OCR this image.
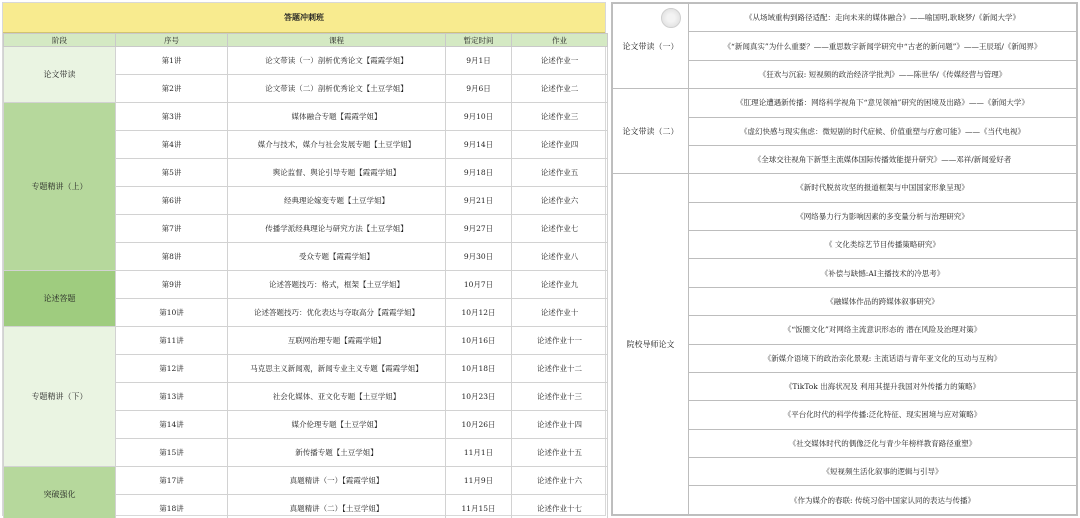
答题冲刺班
阶段	序号	课程	暂定时间	作业
论文带读	第1讲	论文带读（一）剖析优秀论文【霞霞学姐】	9月1日	论述作业一
	第2讲	论文带读（二）剖析优秀论文【土豆学姐】	9月6日	论述作业二
专题精讲（上）	第3讲	媒体融合专题【霞霞学姐】	9月10日	论述作业三
	第4讲	媒介与技术，媒介与社会发展专题【土豆学姐】	9月14日	论述作业四
	第5讲	舆论监督、舆论引导专题【霞霞学姐】	9月18日	论述作业五
	第6讲	经典理论嫁变专题【土豆学姐】	9月21日	论述作业六
	第7讲	传播学派经典理论与研究方法【土豆学姐】	9月27日	论述作业七
	第8讲	受众专题【霞霞学姐】	9月30日	论述作业八
论述答题	第9讲	论述答题技巧：格式，框架【土豆学姐】	10月7日	论述作业九
	第10讲	论述答题技巧：优化表达与夺取高分【霞霞学姐】	10月12日	论述作业十
专题精讲（下）	第11讲	互联网治理专题【霞霞学姐】	10月16日	论述作业十一
	第12讲	马克思主义新闻观，新闻专业主义专题【霞霞学姐】	10月18日	论述作业十二
	第13讲	社会化媒体、亚文化专题【土豆学姐】	10月23日	论述作业十三
	第14讲	媒介伦理专题【土豆学姐】	10月26日	论述作业十四
	第15讲	新传播专题【土豆学姐】	11月1日	论述作业十五
突破强化	第17讲	真题精讲（一）【霞霞学姐】	11月9日	论述作业十六
	第18讲	真题精讲（二）【土豆学姐】	11月15日	论述作业十七
论文带读（一）	《从场域重构到路径适配：走向未来的媒体融合》——喻国明,耿晓梦/《新闻大学》
	《“新闻真实”为什么重要？——重思数字新闻学研究中“古老的新问题”》——王辰瑶/《新闻界》
	《狂欢与沉寂: 短视频的政治经济学批判》——陈世华/《传媒经营与管理》
论文带读（二）	《肛理论遭遇新传播：网络科学视角下“意见领袖”研究的困境及出路》——《新闻大学》
	《虚幻快感与现实焦虑：微短剧的时代症候、价值重塑与疗愈可能》——《当代电视》
	《全球交往视角下新型主流媒体国际传播效能提升研究》——邓祥/新闻爱好者
院校导师论文	《新时代脱贫攻坚的报道框架与中国国家形象呈现》
	《网络暴力行为影响因素的多变量分析与治理研究》
	《 文化类综艺节目传播策略研究》
	《补偿与缺憾:AI主播技术的冷思考》
	《融媒体作品的跨媒体叙事研究》
	《“饭圈文化”对网络主流意识形态的 潜在风险及治理对策》
	《新媒介语境下的政治亲化景观: 主流话语与青年亚文化的互动与互构》
	《TikTok 出海状况及 利用其提升我国对外传播力的策略》
	《平台化时代的科学传播:泛化特征、现实困境与应对策略》
	《社交媒体时代的偶像泛化与青少年榜样教育路径重塑》
	《短视频生活化叙事的逻辑与引导》
	《作为媒介的春联: 传统习俗中国家认同的表达与传播》
